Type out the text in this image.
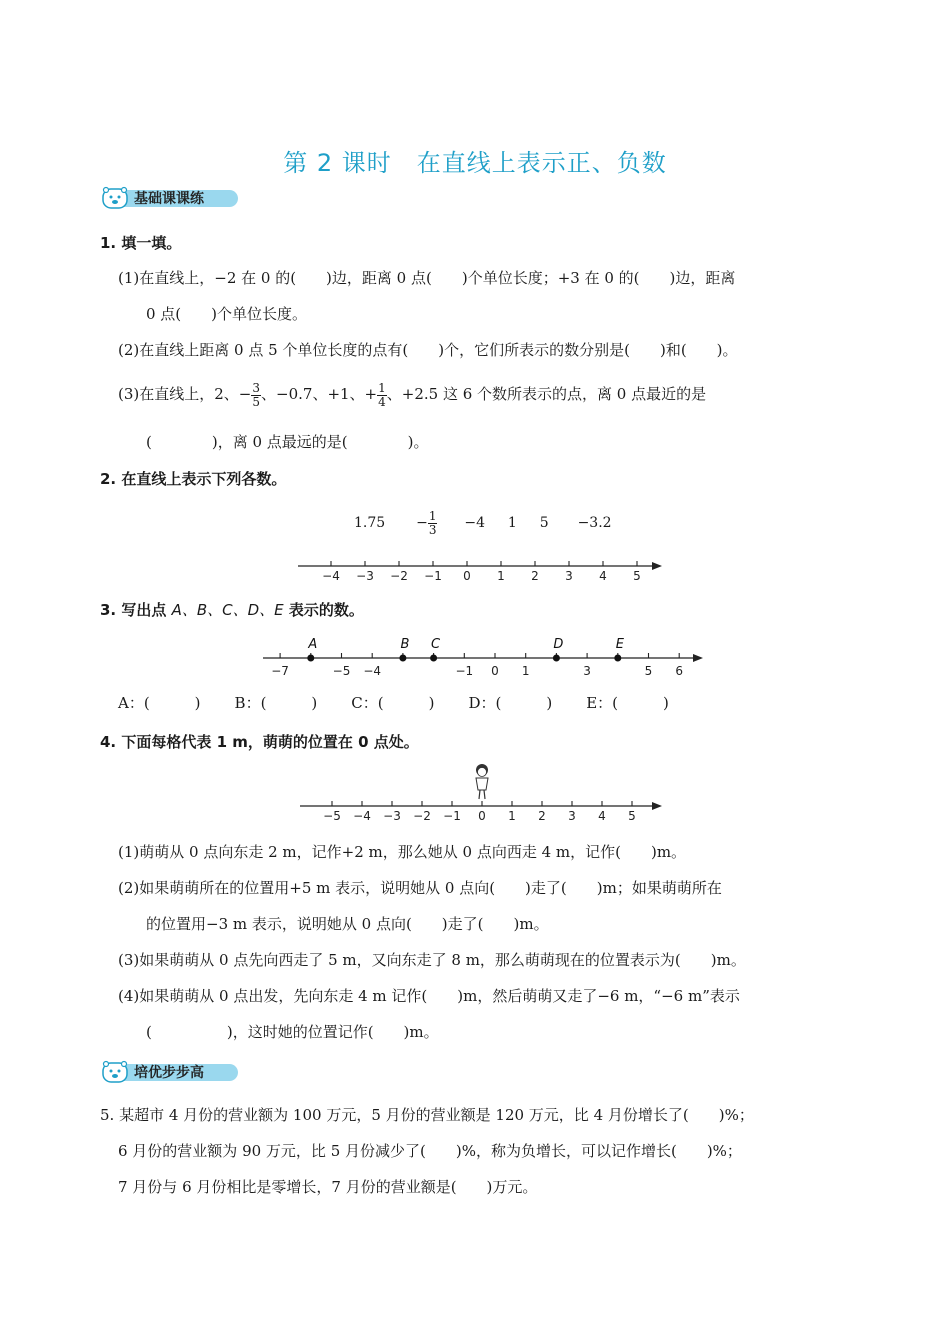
第 2 课时　在直线上表示正、负数
基础课课练
1. 填一填。
(1)在直线上，−2 在 0 的(　　)边，距离 0 点(　　)个单位长度；+3 在 0 的(　　)边，距离
0 点(　　)个单位长度。
(2)在直线上距离 0 点 5 个单位长度的点有(　　)个，它们所表示的数分别是(　　)和(　　)。
(3)在直线上，2、− $\frac{3}{5}$ 、−0.7、+1、+ $\frac{1}{4}$ 、+2.5 这 6 个数所表示的点，离 0 点最近的是
(　　　　)，离 0 点最远的是(　　　　)。
2. 在直线上表示下列各数。
$1.75 - \frac{1}{3} -4$ 1 5 −3.2
−4 −3 −2 −1 0 1 2 3 4 5
3. 写出点 A、B、C、D、E 表示的数。
−7	−5 −4	−1 0 1	3	5 6
A	B C	D	E
A：(　　　) B：(　　　) C：(　　　) D：(　　　) E：(　　　)
4. 下面每格代表 1 m，萌萌的位置在 0 点处。
−5 −4 −3 −2 −1 0 1 2 3 4 5
(1)萌萌从 0 点向东走 2 m，记作+2 m，那么她从 0 点向西走 4 m，记作(　　)m。
(2)如果萌萌所在的位置用+5 m 表示，说明她从 0 点向(　　)走了(　　)m；如果萌萌所在
的位置用−3 m 表示，说明她从 0 点向(　　)走了(　　)m。
(3)如果萌萌从 0 点先向西走了 5 m，又向东走了 8 m，那么萌萌现在的位置表示为(　　)m。
(4)如果萌萌从 0 点出发，先向东走 4 m 记作(　　)m，然后萌萌又走了−6 m，“−6 m”表示
(　　　　　)，这时她的位置记作(　　)m。
培优步步高
5. 某超市 4 月份的营业额为 100 万元，5 月份的营业额是 120 万元，比 4 月份增长了(　　)%；
6 月份的营业额为 90 万元，比 5 月份减少了(　　)%，称为负增长，可以记作增长(　　)%；
7 月份与 6 月份相比是零增长，7 月份的营业额是(　　)万元。
